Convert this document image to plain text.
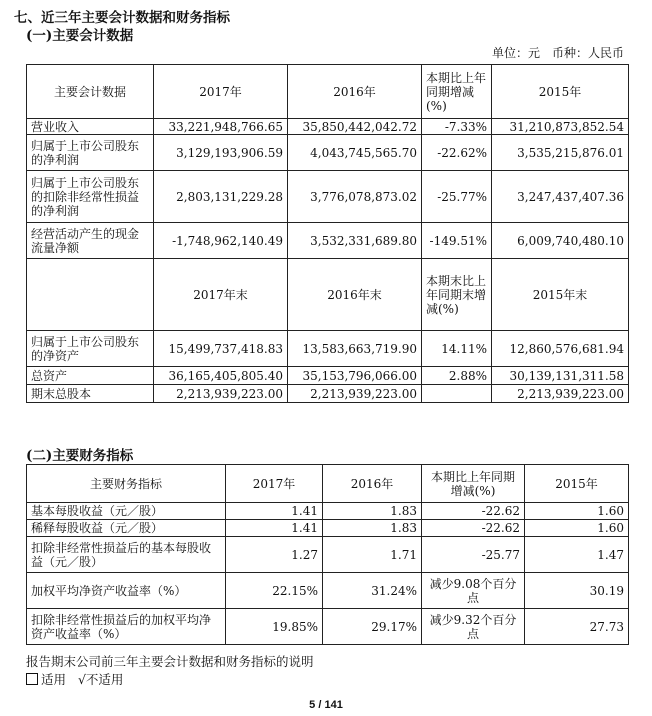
七、近三年主要会计数据和财务指标
(一)主要会计数据
单位：元　币种：人民币
主要会计数据	2017年	2016年	本期比上年同期增减(%)	2015年
营业收入	33,221,948,766.65	35,850,442,042.72	-7.33%	31,210,873,852.54
归属于上市公司股东的净利润	3,129,193,906.59	4,043,745,565.70	-22.62%	3,535,215,876.01
归属于上市公司股东的扣除非经常性损益的净利润	2,803,131,229.28	3,776,078,873.02	-25.77%	3,247,437,407.36
经营活动产生的现金流量净额	-1,748,962,140.49	3,532,331,689.80	-149.51%	6,009,740,480.10
	2017年末	2016年末	本期末比上年同期末增减(%)	2015年末
归属于上市公司股东的净资产	15,499,737,418.83	13,583,663,719.90	14.11%	12,860,576,681.94
总资产	36,165,405,805.40	35,153,796,066.00	2.88%	30,139,131,311.58
期末总股本	2,213,939,223.00	2,213,939,223.00		2,213,939,223.00
(二)主要财务指标
主要财务指标	2017年	2016年	本期比上年同期增减(%)	2015年
基本每股收益（元／股）	1.41	1.83	-22.62	1.60
稀释每股收益（元／股）	1.41	1.83	-22.62	1.60
扣除非经常性损益后的基本每股收益（元／股）	1.27	1.71	-25.77	1.47
加权平均净资产收益率（%）	22.15%	31.24%	减少9.08个百分点	30.19
扣除非经常性损益后的加权平均净资产收益率（%）	19.85%	29.17%	减少9.32个百分点	27.73
报告期末公司前三年主要会计数据和财务指标的说明
适用 √不适用
5 / 141
